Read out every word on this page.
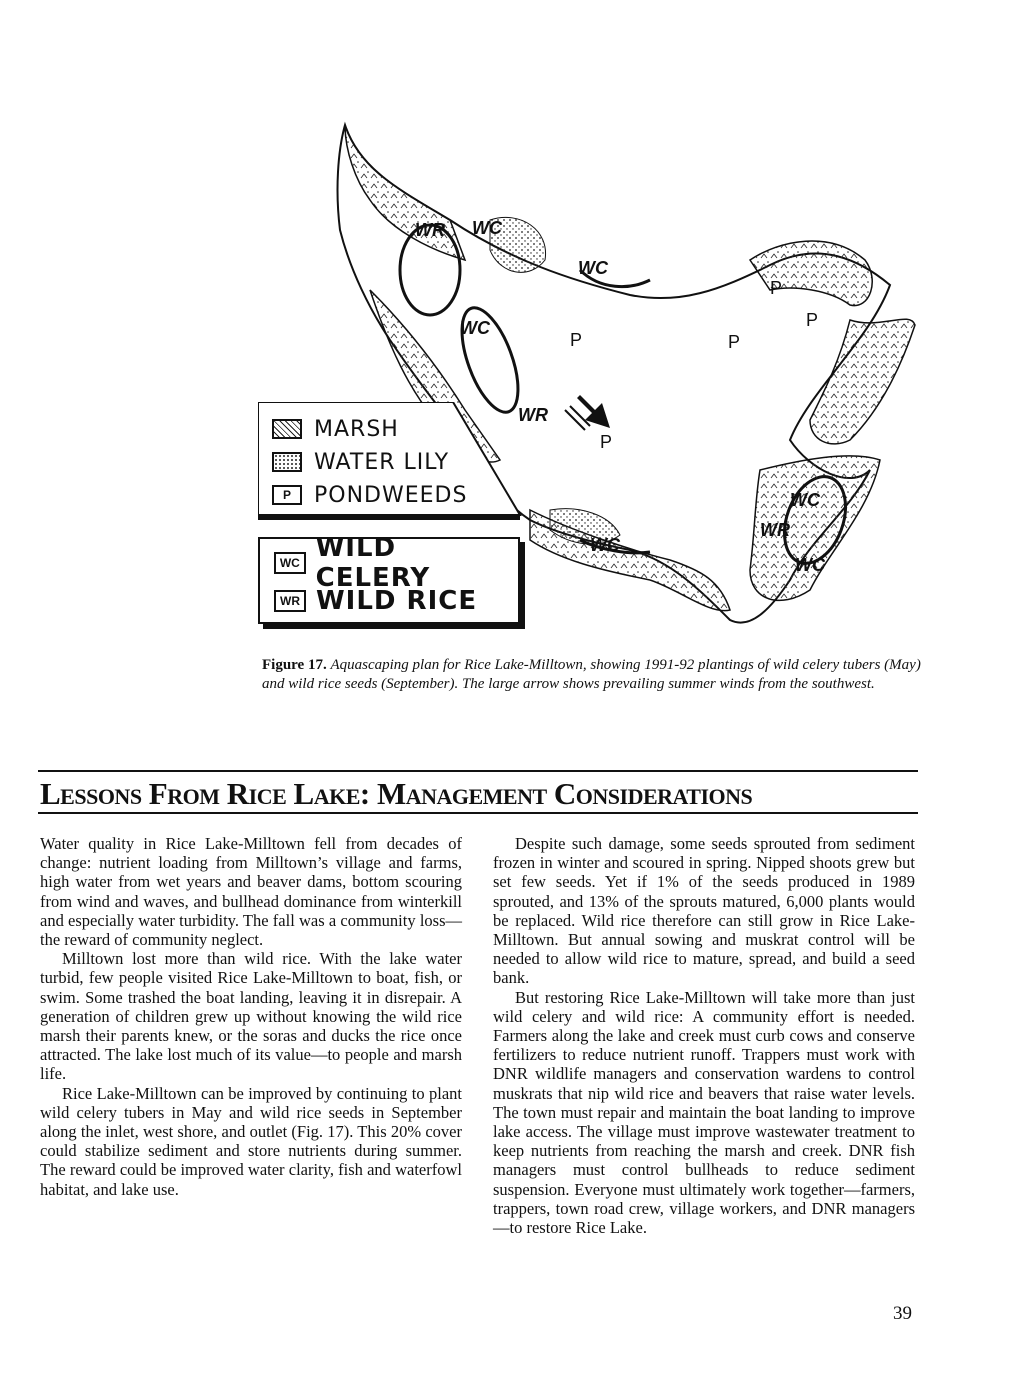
WR WC
WC
WC
WR
WC
WC
WR
WC
P	P
P
P
P
MARSH
WATER LILY
P	PONDWEEDS
WC WILD CELERY
WR WILD RICE
Figure 17. Aquascaping plan for Rice Lake-Milltown, showing 1991-92 plantings of wild celery tubers (May) and wild rice seeds (September). The large arrow shows prevailing summer winds from the southwest.
Lessons From Rice Lake: Management Considerations

Water quality in Rice Lake-Milltown fell from decades of change: nutrient loading from Milltown’s village and farms, high water from wet years and beaver dams, bottom scouring from wind and waves, and bullhead dominance from winterkill and especially water turbidity. The fall was a community loss—the reward of community neglect.

Milltown lost more than wild rice. With the lake water turbid, few people visited Rice Lake-Milltown to boat, fish, or swim. Some trashed the boat landing, leaving it in disrepair. A generation of children grew up without knowing the wild rice marsh their parents knew, or the soras and ducks the rice once attracted. The lake lost much of its value—to people and marsh life.

Rice Lake-Milltown can be improved by continuing to plant wild celery tubers in May and wild rice seeds in September along the inlet, west shore, and outlet (Fig. 17). This 20% cover could stabilize sediment and store nutrients during summer. The reward could be improved water clarity, fish and waterfowl habitat, and lake use.

Despite such damage, some seeds sprouted from sediment frozen in winter and scoured in spring. Nipped shoots grew but set few seeds. Yet if 1% of the seeds produced in 1989 sprouted, and 13% of the sprouts matured, 6,000 plants would be replaced. Wild rice therefore can still grow in Rice Lake-Milltown. But annual sowing and muskrat control will be needed to allow wild rice to mature, spread, and build a seed bank.

But restoring Rice Lake-Milltown will take more than just wild celery and wild rice: A community effort is needed. Farmers along the lake and creek must curb cows and conserve fertilizers to reduce nutrient runoff. Trappers must work with DNR wildlife managers and conservation wardens to control muskrats that nip wild rice and beavers that raise water levels. The town must repair and maintain the boat landing to improve lake access. The village must improve wastewater treatment to keep nutrients from reaching the marsh and creek. DNR fish managers must control bullheads to reduce sediment suspension. Everyone must ultimately work together—farmers, trappers, town road crew, village workers, and DNR managers—to restore Rice Lake.

39
